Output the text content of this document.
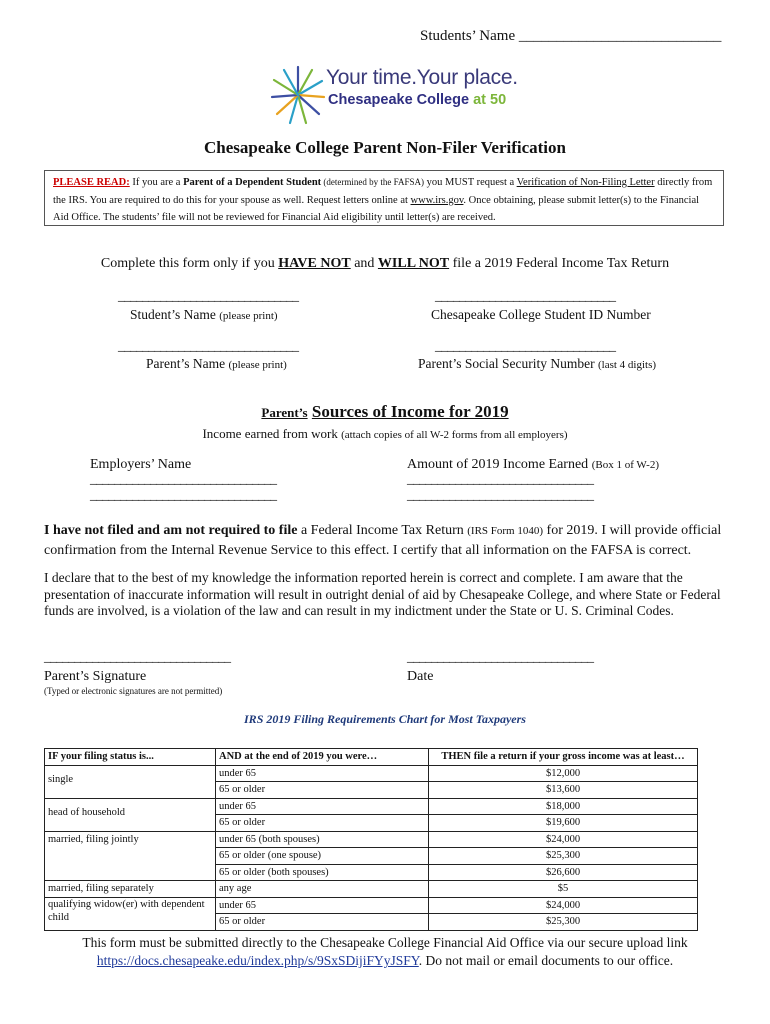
Students’ Name ___________________________
Your time.Your place.
Chesapeake College at 50
Chesapeake College Parent Non-Filer Verification
PLEASE READ: If you are a Parent of a Dependent Student (determined by the FAFSA) you MUST request a Verification of Non-Filing Letter directly from the IRS. You are required to do this for your spouse as well. Request letters online at www.irs.gov. Once obtaining, please submit letter(s) to the Financial Aid Office. The students’ file will not be reviewed for Financial Aid eligibility until letter(s) are received.
Complete this form only if you HAVE NOT and WILL NOT file a 2019 Federal Income Tax Return
______________________________
Student’s Name (please print)
______________________________
Chesapeake College Student ID Number
______________________________
Parent’s Name (please print)
______________________________
Parent’s Social Security Number (last 4 digits)
Parent’s Sources of Income for 2019
Income earned from work (attach copies of all W-2 forms from all employers)
Employers’ Name	Amount of 2019 Income Earned (Box 1 of W-2)
_______________________________
_______________________________
_______________________________
_______________________________
I have not filed and am not required to file a Federal Income Tax Return (IRS Form 1040) for 2019. I will provide official confirmation from the Internal Revenue Service to this effect. I certify that all information on the FAFSA is correct.
I declare that to the best of my knowledge the information reported herein is correct and complete. I am aware that the presentation of inaccurate information will result in outright denial of aid by Chesapeake College, and where State or Federal funds are involved, is a violation of the law and can result in my indictment under the State or U. S. Criminal Codes.
_______________________________
Parent’s Signature
(Typed or electronic signatures are not permitted)
_______________________________
Date
IRS 2019 Filing Requirements Chart for Most Taxpayers
IF your filing status is...	AND at the end of 2019 you were…	THEN file a return if your gross income was at least…
single	under 65	$12,000
	65 or older	$13,600
head of household	under 65	$18,000
	65 or older	$19,600
married, filing jointly	under 65 (both spouses)	$24,000
	65 or older (one spouse)	$25,300
	65 or older (both spouses)	$26,600
married, filing separately	any age	$5
qualifying widow(er) with dependent child	under 65	$24,000
	65 or older	$25,300
This form must be submitted directly to the Chesapeake College Financial Aid Office via our secure upload link
https://docs.chesapeake.edu/index.php/s/9SxSDijiFYyJSFY. Do not mail or email documents to our office.
